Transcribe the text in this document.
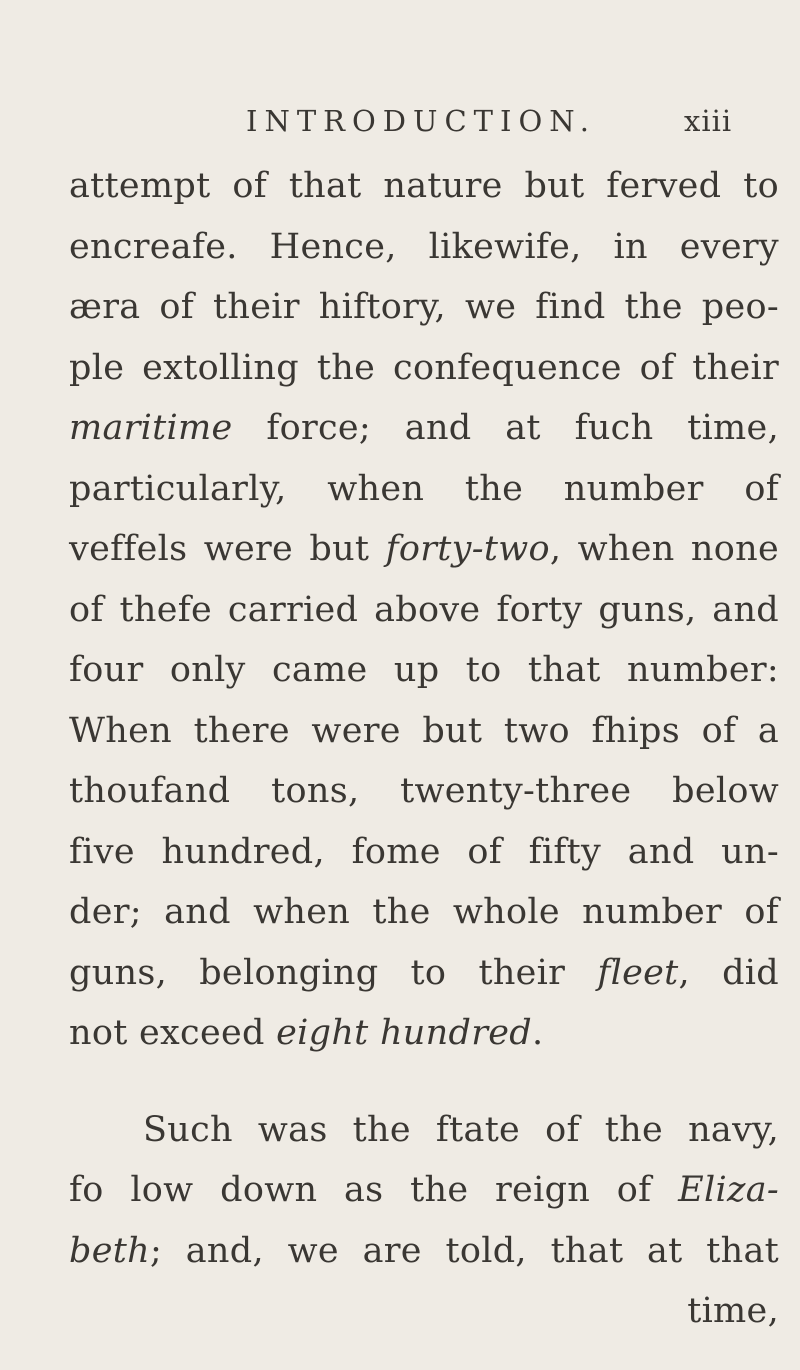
INTRODUCTION.	xiii
attempt of that nature but ferved to
encreafe. Hence, likewife, in every
æra of their hiftory, we find the peo-
ple extolling the confequence of their
maritime force; and at fuch time,
particularly, when the number of
veffels were but forty-two, when none
of thefe carried above forty guns, and
four only came up to that number:
When there were but two fhips of a
thoufand tons, twenty-three below
five hundred, fome of fifty and un-
der; and when the whole number of
guns, belonging to their fleet, did
not exceed eight hundred.
Such was the ftate of the navy,
fo low down as the reign of Eliza-
beth; and, we are told, that at that
time,
